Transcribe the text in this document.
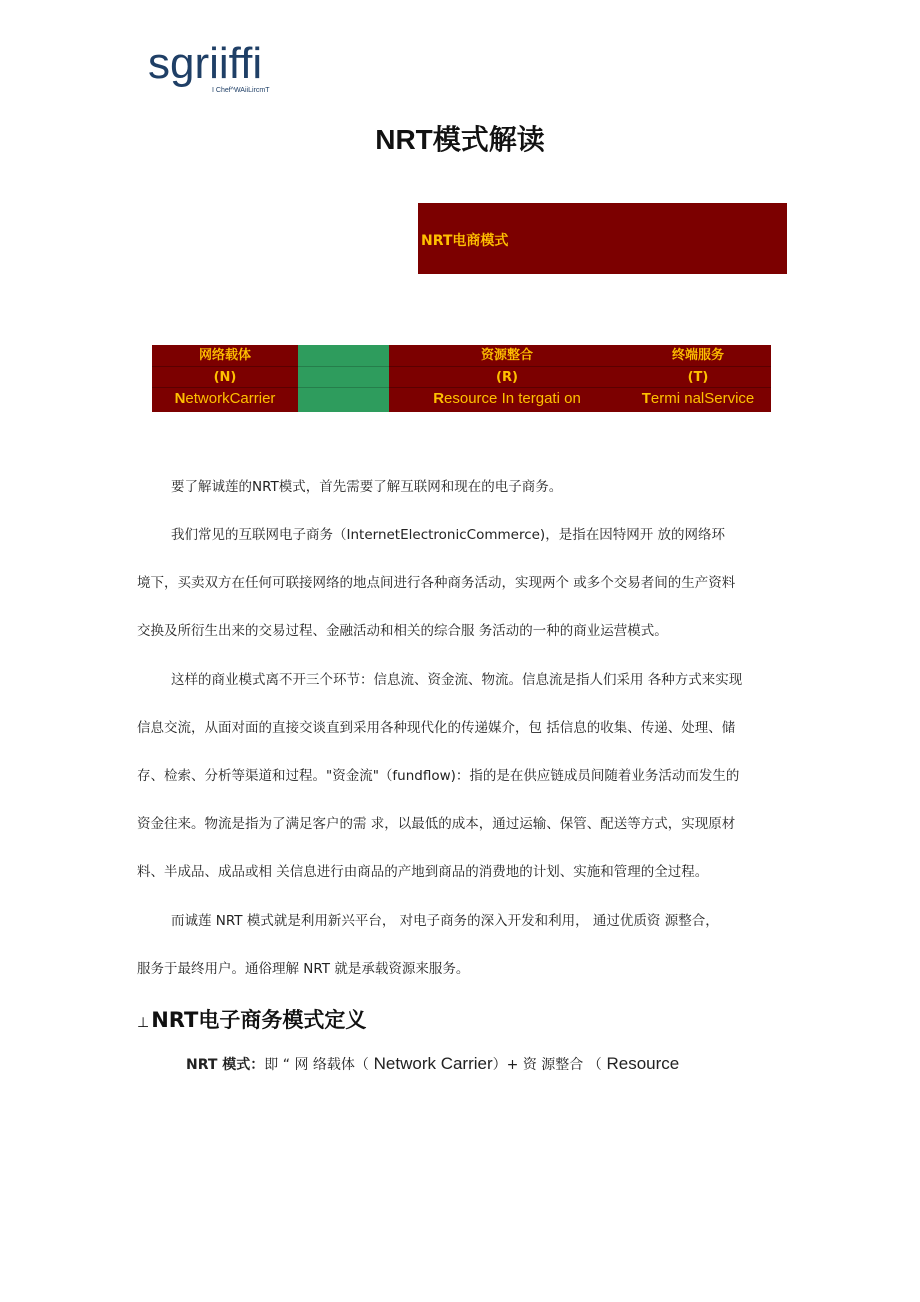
sgriiffi
I Chef^WAiiLircmT
NRT模式解读
NRT电商模式
网络载体
(N)
NetworkCarrier
资源整合
(R)
Resource In tergati on
终端服务
(T)
Termi nalService
要了解诚莲的NRT模式，首先需要了解互联网和现在的电子商务。
我们常见的互联网电子商务（InternetElectronicCommerce)，是指在因特网开 放的网络环
境下，买卖双方在任何可联接网络的地点间进行各种商务活动，实现两个 或多个交易者间的生产资料
交换及所衍生出来的交易过程、金融活动和相关的综合服 务活动的一种的商业运营模式。
这样的商业模式离不开三个环节：信息流、资金流、物流。信息流是指人们采用 各种方式来实现
信息交流，从面对面的直接交谈直到采用各种现代化的传递媒介，包 括信息的收集、传递、处理、储
存、检索、分析等渠道和过程。"资金流"（fundflow)：指的是在供应链成员间随着业务活动而发生的
资金往来。物流是指为了满足客户的需 求，以最低的成本，通过运输、保管、配送等方式，实现原材
料、半成品、成品或相 关信息进行由商品的产地到商品的消费地的计划、实施和管理的全过程。
而诚莲 NRT 模式就是利用新兴平台， 对电子商务的深入开发和利用， 通过优质资 源整合，
服务于最终用户。通俗理解 NRT 就是承载资源来服务。
⊥NRT电子商务模式定义
NRT 模式：即 “ 网 络载体（ Network Carrier）+ 资 源整合 （ Resource
